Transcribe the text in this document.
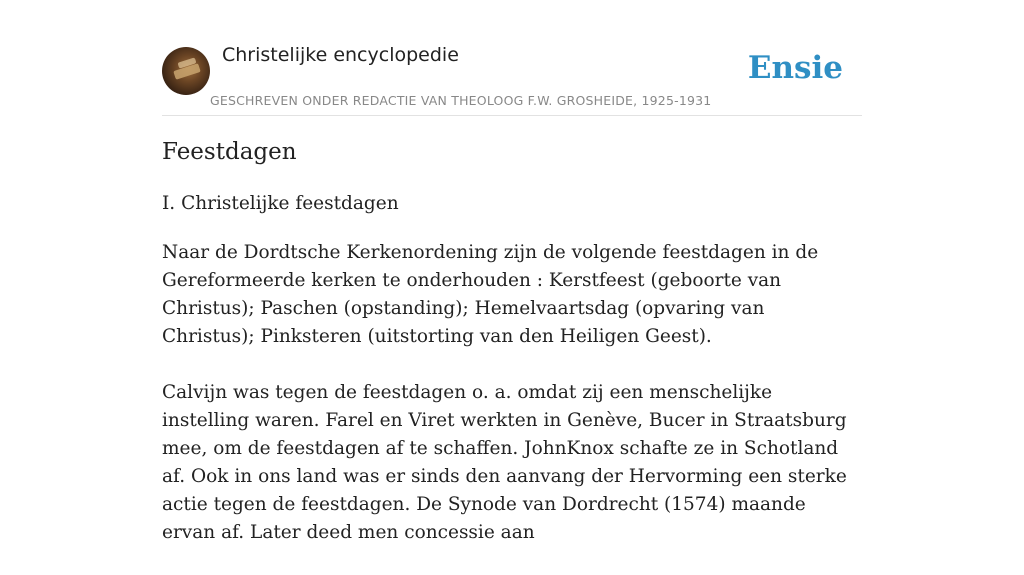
Christelijke encyclopedie
GESCHREVEN ONDER REDACTIE VAN THEOLOOG F.W. GROSHEIDE, 1925-1931
Ensie
Feestdagen
I. Christelijke feestdagen

Naar de Dordtsche Kerkenordening zijn de volgende feestdagen in de Gereformeerde kerken te onderhouden : Kerstfeest (geboorte van Christus); Paschen (opstanding); Hemelvaartsdag (opvaring van Christus); Pinksteren (uitstorting van den Heiligen Geest).

Calvijn was tegen de feestdagen o. a. omdat zij een menschelijke instelling waren. Farel en Viret werkten in Genève, Bucer in Straatsburg mee, om de feestdagen af te schaffen. JohnKnox schafte ze in Schotland af. Ook in ons land was er sinds den aanvang der Hervorming een sterke actie tegen de feestdagen. De Synode van Dordrecht (1574) maande ervan af. Later deed men concessie aan
